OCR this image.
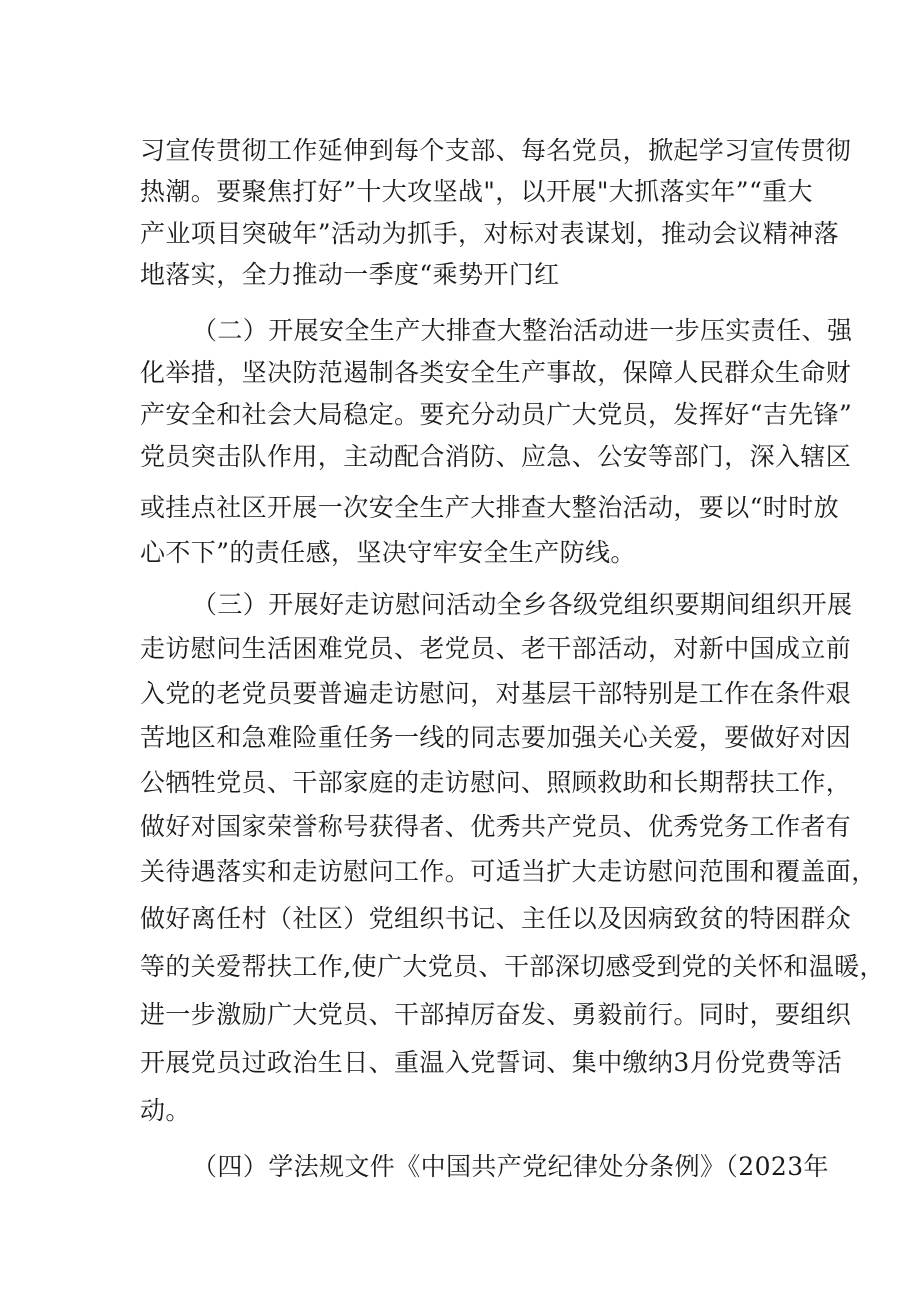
习宣传贯彻工作延伸到每个支部、每名党员，掀起学习宣传贯彻

热潮。要聚焦打好”十大攻坚战"，以开展"大抓落实年”“重大

产业项目突破年”活动为抓手，对标对表谋划，推动会议精神落

地落实，全力推动一季度“乘势开门红

（二）开展安全生产大排查大整治活动进一步压实责任、强

化举措，坚决防范遏制各类安全生产事故，保障人民群众生命财

产安全和社会大局稳定。要充分动员广大党员，发挥好“吉先锋”

党员突击队作用，主动配合消防、应急、公安等部门，深入辖区

或挂点社区开展一次安全生产大排查大整治活动，要以“时时放

心不下”的责任感，坚决守牢安全生产防线。

（三）开展好走访慰问活动全乡各级党组织要期间组织开展

走访慰问生活困难党员、老党员、老干部活动，对新中国成立前

入党的老党员要普遍走访慰问，对基层干部特别是工作在条件艰

苦地区和急难险重任务一线的同志要加强关心关爱，要做好对因

公牺牲党员、干部家庭的走访慰问、照顾救助和长期帮扶工作，

做好对国家荣誉称号获得者、优秀共产党员、优秀党务工作者有

关待遇落实和走访慰问工作。可适当扩大走访慰问范围和覆盖面，

做好离任村（社区）党组织书记、主任以及因病致贫的特困群众

等的关爱帮扶工作,使广大党员、干部深切感受到党的关怀和温暖，

进一步激励广大党员、干部掉厉奋发、勇毅前行。同时，要组织

开展党员过政治生日、重温入党誓词、集中缴纳3月份党费等活

动。

（四）学法规文件《中国共产党纪律处分条例》（2023年
